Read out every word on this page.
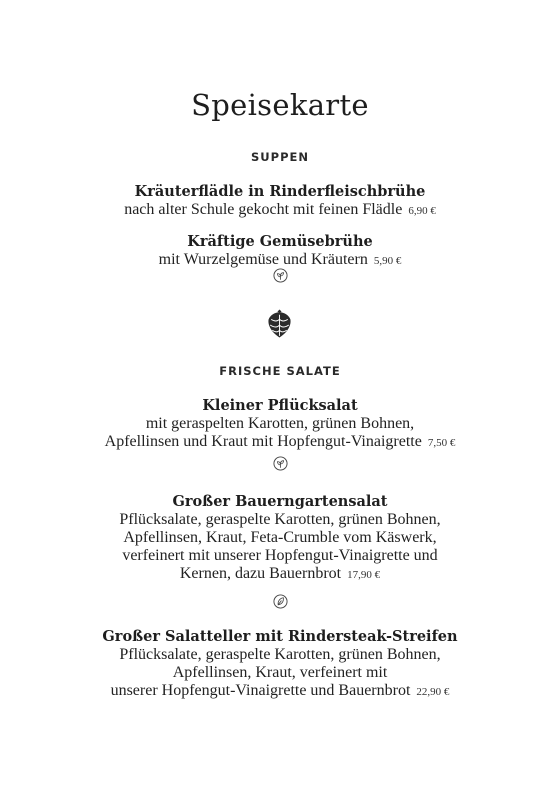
Speisekarte
SUPPEN
Kräuterflädle in Rinderfleischbrühe
nach alter Schule gekocht mit feinen Flädle 6,90 €
Kräftige Gemüsebrühe
mit Wurzelgemüse und Kräutern 5,90 €
FRISCHE SALATE
Kleiner Pflücksalat
mit geraspelten Karotten, grünen Bohnen,
Apfellinsen und Kraut mit Hopfengut-Vinaigrette 7,50 €
Großer Bauerngartensalat
Pflücksalate, geraspelte Karotten, grünen Bohnen,
Apfellinsen, Kraut, Feta-Crumble vom Käswerk,
verfeinert mit unserer Hopfengut-Vinaigrette und
Kernen, dazu Bauernbrot 17,90 €
Großer Salatteller mit Rindersteak-Streifen
Pflücksalate, geraspelte Karotten, grünen Bohnen,
Apfellinsen, Kraut, verfeinert mit
unserer Hopfengut-Vinaigrette und Bauernbrot 22,90 €
